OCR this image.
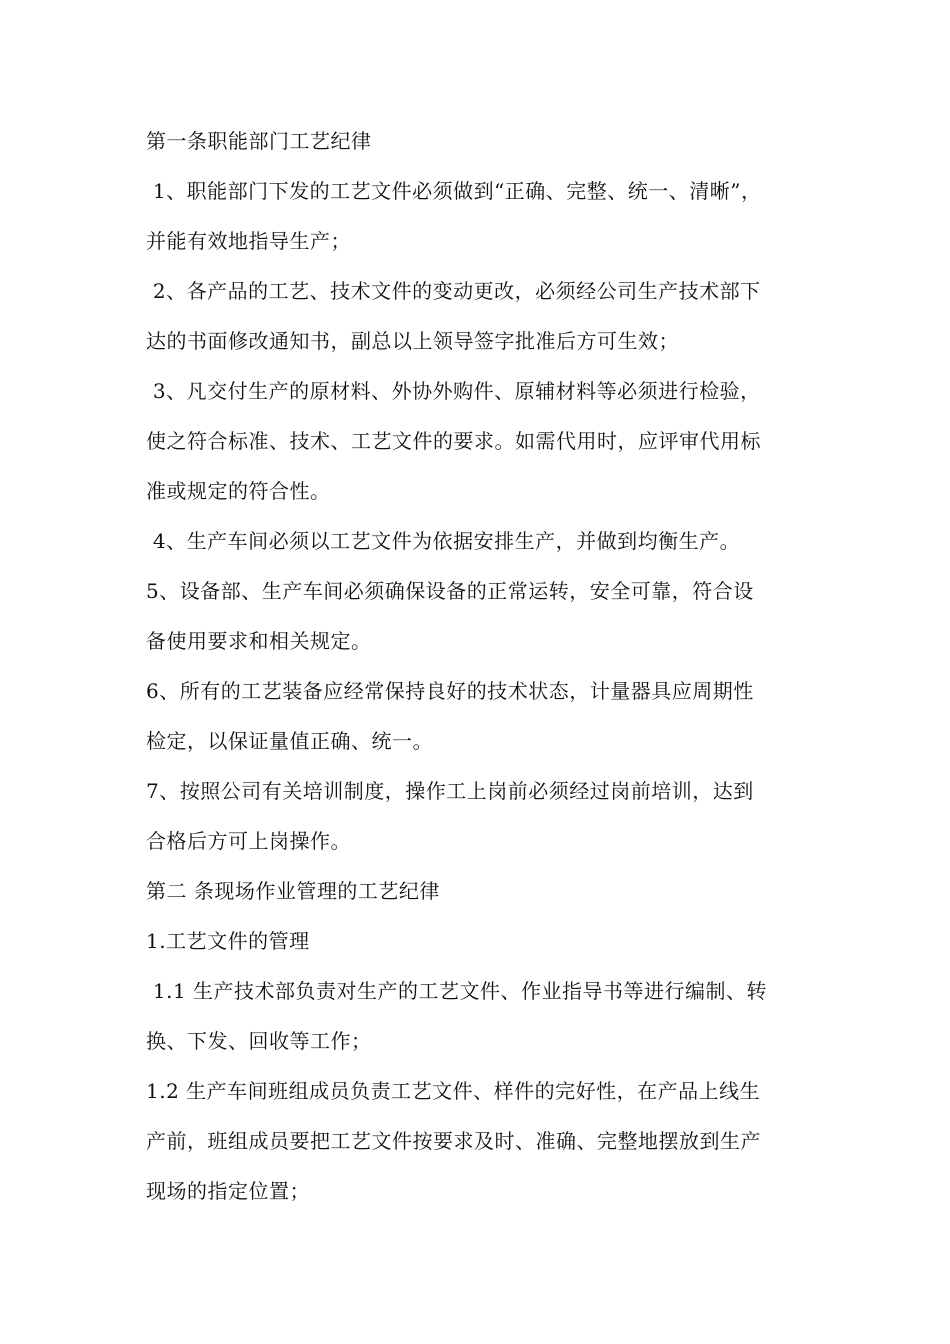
第一条职能部门工艺纪律
1、职能部门下发的工艺文件必须做到“正确、完整、统一、清晰”，
并能有效地指导生产；
2、各产品的工艺、技术文件的变动更改，必须经公司生产技术部下
达的书面修改通知书，副总以上领导签字批准后方可生效；
3、凡交付生产的原材料、外协外购件、原辅材料等必须进行检验，
使之符合标准、技术、工艺文件的要求。如需代用时，应评审代用标
准或规定的符合性。
4、生产车间必须以工艺文件为依据安排生产，并做到均衡生产。
5、设备部、生产车间必须确保设备的正常运转，安全可靠，符合设
备使用要求和相关规定。
6、所有的工艺装备应经常保持良好的技术状态，计量器具应周期性
检定，以保证量值正确、统一。
7、按照公司有关培训制度，操作工上岗前必须经过岗前培训，达到
合格后方可上岗操作。
第二 条现场作业管理的工艺纪律
1.工艺文件的管理
1.1 生产技术部负责对生产的工艺文件、作业指导书等进行编制、转
换、下发、回收等工作；
1.2 生产车间班组成员负责工艺文件、样件的完好性，在产品上线生
产前，班组成员要把工艺文件按要求及时、准确、完整地摆放到生产
现场的指定位置；
